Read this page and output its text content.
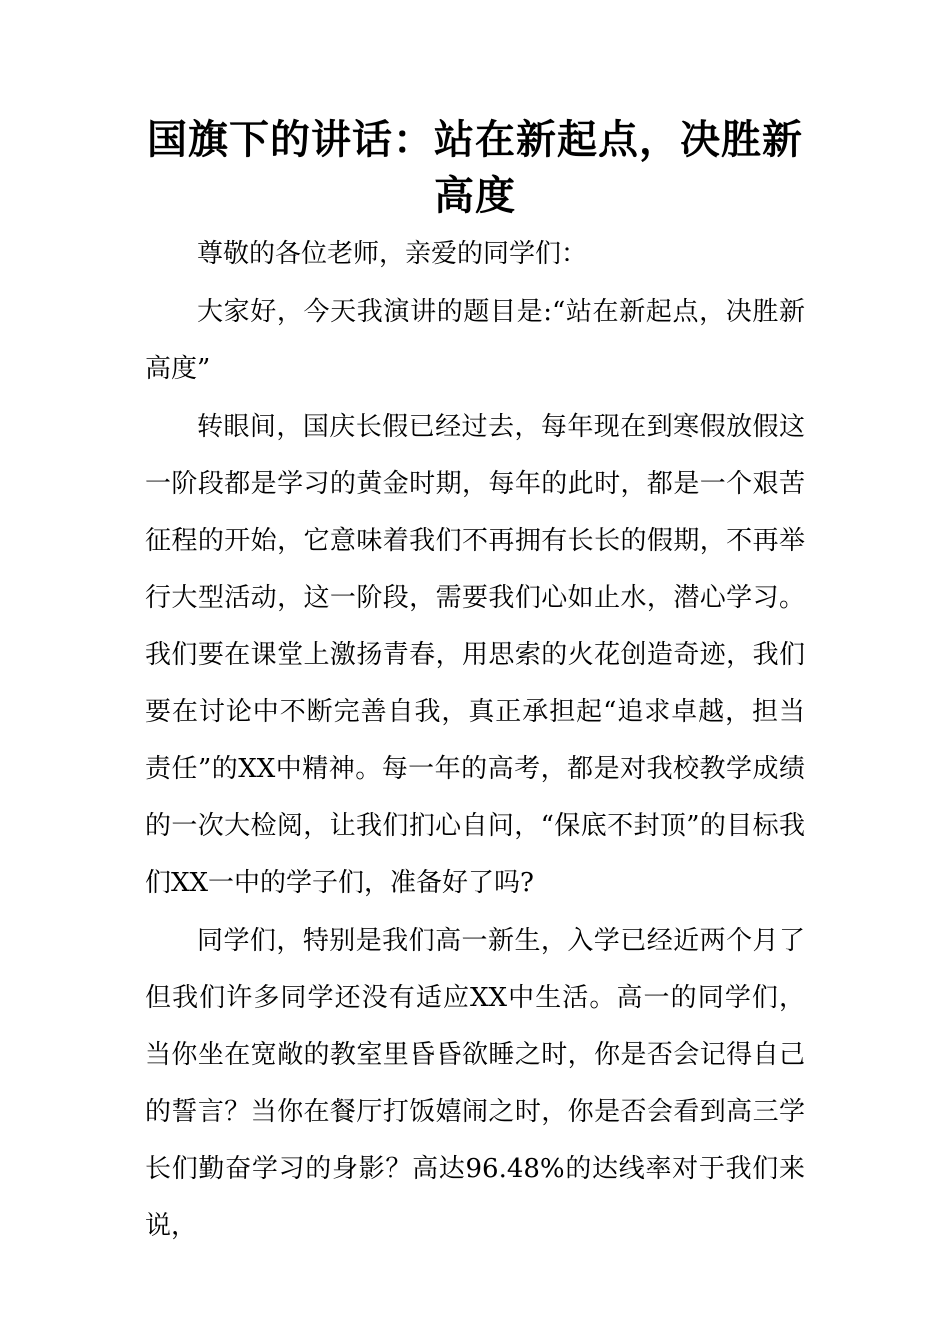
国旗下的讲话：站在新起点，决胜新高度

尊敬的各位老师，亲爱的同学们：

大家好，今天我演讲的题目是:“站在新起点，决胜新高度”

转眼间，国庆长假已经过去，每年现在到寒假放假这一阶段都是学习的黄金时期，每年的此时，都是一个艰苦征程的开始，它意味着我们不再拥有长长的假期，不再举行大型活动，这一阶段，需要我们心如止水，潜心学习。我们要在课堂上激扬青春，用思索的火花创造奇迹，我们要在讨论中不断完善自我，真正承担起“追求卓越，担当责任”的XX中精神。每一年的高考，都是对我校教学成绩的一次大检阅，让我们扪心自问，“保底不封顶”的目标我们XX一中的学子们，准备好了吗?

同学们，特别是我们高一新生，入学已经近两个月了但我们许多同学还没有适应XX中生活。高一的同学们，当你坐在宽敞的教室里昏昏欲睡之时，你是否会记得自己的誓言？当你在餐厅打饭嬉闹之时，你是否会看到高三学长们勤奋学习的身影？高达96.48%的达线率对于我们来说，
